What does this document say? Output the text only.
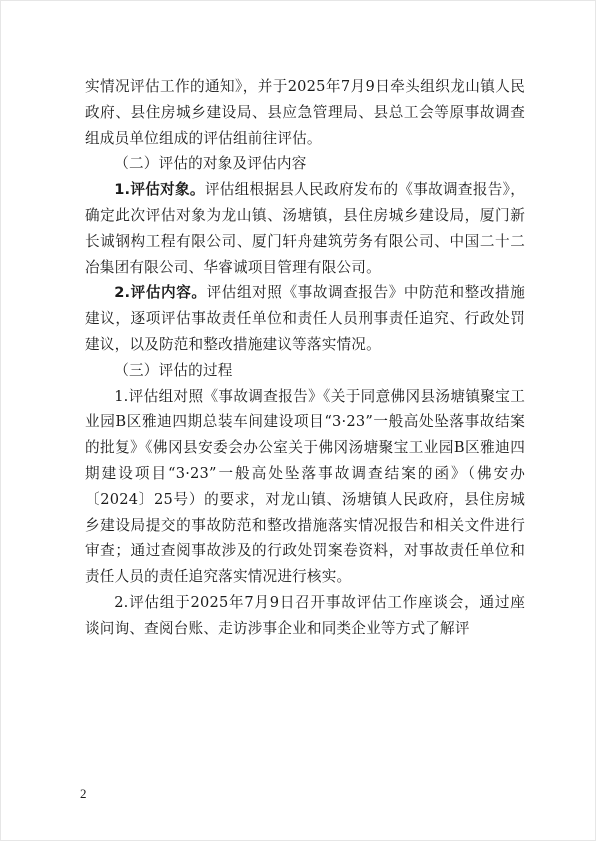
实情况评估工作的通知》，并于2025年7月9日牵头组织龙山镇人民政府、县住房城乡建设局、县应急管理局、县总工会等原事故调查组成员单位组成的评估组前往评估。

（二）评估的对象及评估内容

1.评估对象。评估组根据县人民政府发布的《事故调查报告》，确定此次评估对象为龙山镇、汤塘镇，县住房城乡建设局，厦门新长诚钢构工程有限公司、厦门轩舟建筑劳务有限公司、中国二十二冶集团有限公司、华睿诚项目管理有限公司。

2.评估内容。评估组对照《事故调查报告》中防范和整改措施建议，逐项评估事故责任单位和责任人员刑事责任追究、行政处罚建议，以及防范和整改措施建议等落实情况。

（三）评估的过程

1.评估组对照《事故调查报告》《关于同意佛冈县汤塘镇聚宝工业园B区雅迪四期总装车间建设项目“3·23”一般高处坠落事故结案的批复》《佛冈县安委会办公室关于佛冈汤塘聚宝工业园B区雅迪四期建设项目“3·23”一般高处坠落事故调查结案的函》（佛安办〔2024〕25号）的要求，对龙山镇、汤塘镇人民政府，县住房城乡建设局提交的事故防范和整改措施落实情况报告和相关文件进行审查；通过查阅事故涉及的行政处罚案卷资料，对事故责任单位和责任人员的责任追究落实情况进行核实。

2.评估组于2025年7月9日召开事故评估工作座谈会，通过座谈问询、查阅台账、走访涉事企业和同类企业等方式了解评

2
